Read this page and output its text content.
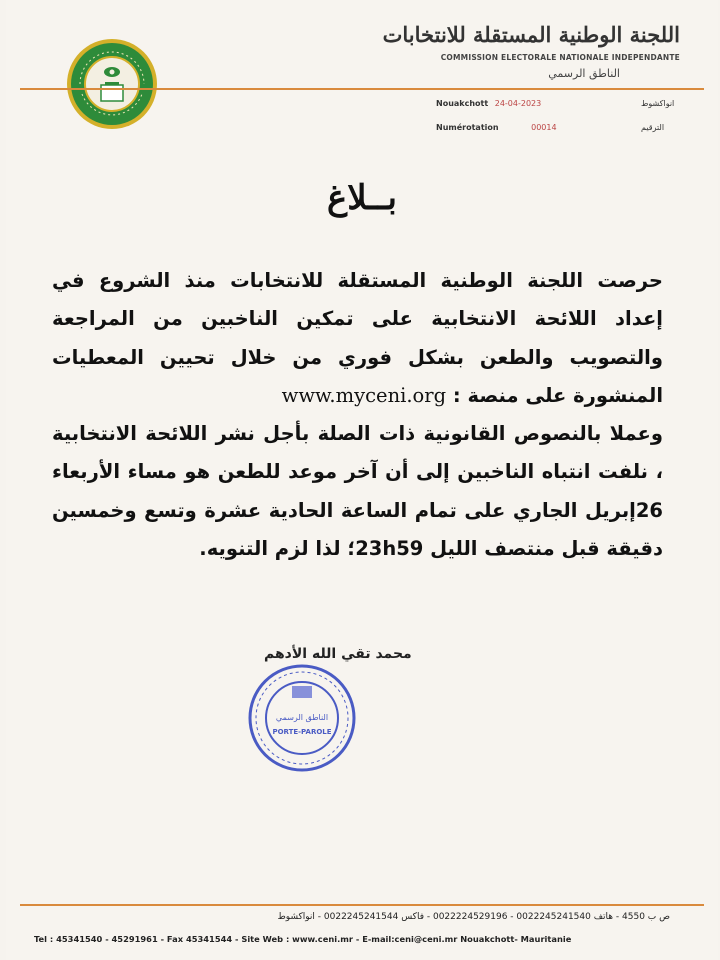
اللجنة الوطنية المستقلة للانتخابات
COMMISSION ELECTORALE NATIONALE INDEPENDANTE
الناطق الرسمي
Nouakchott 24-04-2023	انواكشوط
Numérotation	00014	الترقيم
بــلاغ
حرصت اللجنة الوطنية المستقلة للانتخابات منذ الشروع في إعداد اللائحة الانتخابية على تمكين الناخبين من المراجعة والتصويب والطعن بشكل فوري من خلال تحيين المعطيات المنشورة على منصة : www.myceni.org
وعملا بالنصوص القانونية ذات الصلة بأجل نشر اللائحة الانتخابية ، نلفت انتباه الناخبين إلى أن آخر موعد للطعن هو مساء الأربعاء 26إبريل الجاري على تمام الساعة الحادية عشرة وتسع وخمسين دقيقة قبل منتصف الليل 23h59؛ لذا لزم التنويه.
محمد تقي الله الأدهم
الناطق الرسمي
PORTE-PAROLE
ص ب 4550 - هاتف 0022245241540 - 0022224529196 - فاكس 0022245241544 - انواكشوط
Tel : 45341540 - 45291961 - Fax 45341544 - Site Web : www.ceni.mr - E-mail:ceni@ceni.mr Nouakchott- Mauritanie
